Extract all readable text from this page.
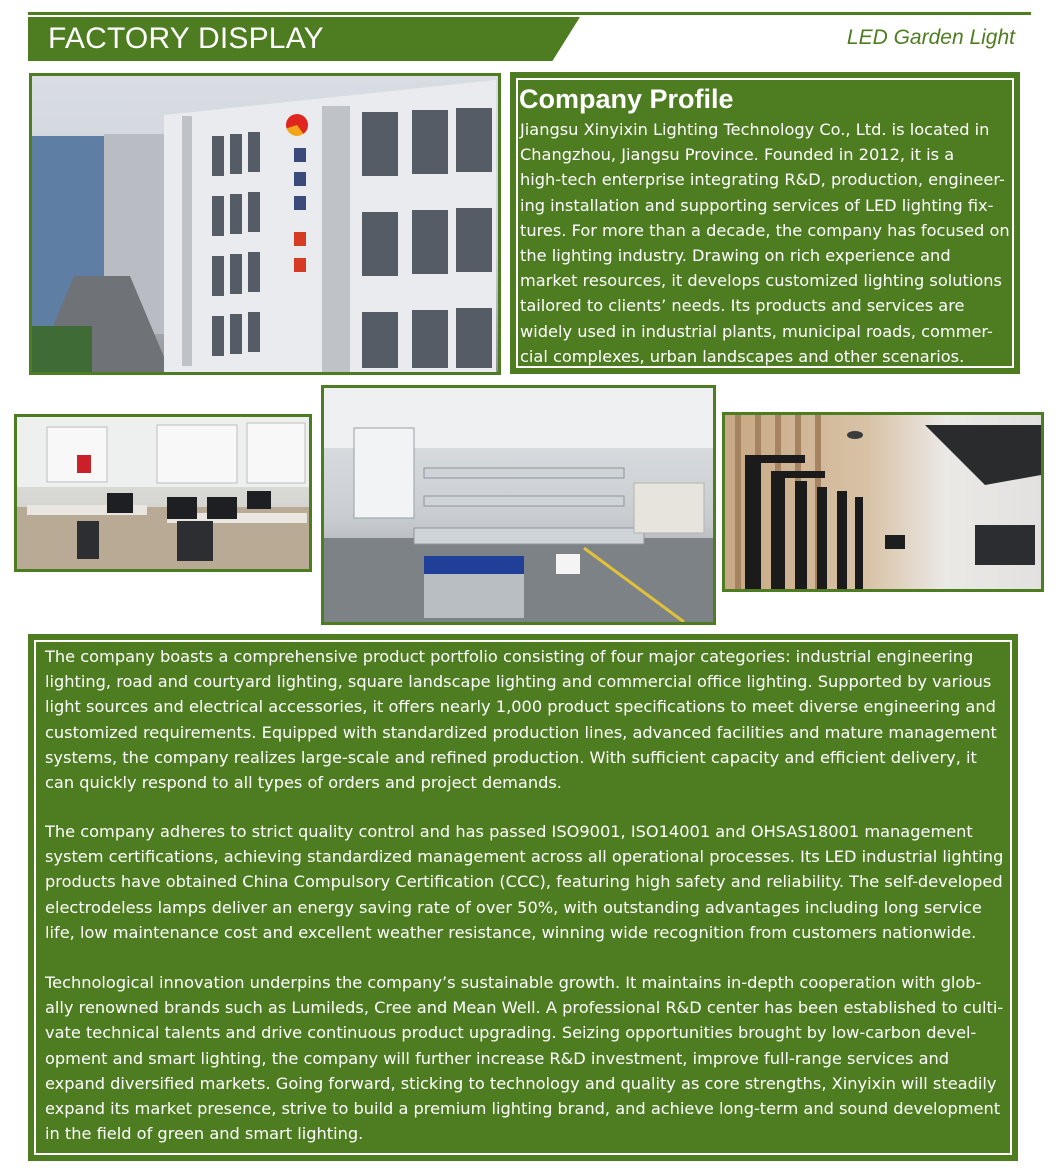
FACTORY DISPLAY	LED Garden Light
Company Profile
Jiangsu Xinyixin Lighting Technology Co., Ltd. is located in
Changzhou, Jiangsu Province. Founded in 2012, it is a
high-tech enterprise integrating R&D, production, engineer-
ing installation and supporting services of LED lighting fix-
tures. For more than a decade, the company has focused on
the lighting industry. Drawing on rich experience and
market resources, it develops customized lighting solutions
tailored to clients’ needs. Its products and services are
widely used in industrial plants, municipal roads, commer-
cial complexes, urban landscapes and other scenarios.
The company boasts a comprehensive product portfolio consisting of four major categories: industrial engineering
lighting, road and courtyard lighting, square landscape lighting and commercial office lighting. Supported by various
light sources and electrical accessories, it offers nearly 1,000 product specifications to meet diverse engineering and
customized requirements. Equipped with standardized production lines, advanced facilities and mature management
systems, the company realizes large-scale and refined production. With sufficient capacity and efficient delivery, it
can quickly respond to all types of orders and project demands.
The company adheres to strict quality control and has passed ISO9001, ISO14001 and OHSAS18001 management
system certifications, achieving standardized management across all operational processes. Its LED industrial lighting
products have obtained China Compulsory Certification (CCC), featuring high safety and reliability. The self-developed
electrodeless lamps deliver an energy saving rate of over 50%, with outstanding advantages including long service
life, low maintenance cost and excellent weather resistance, winning wide recognition from customers nationwide.
Technological innovation underpins the company’s sustainable growth. It maintains in-depth cooperation with glob-
ally renowned brands such as Lumileds, Cree and Mean Well. A professional R&D center has been established to culti-
vate technical talents and drive continuous product upgrading. Seizing opportunities brought by low-carbon devel-
opment and smart lighting, the company will further increase R&D investment, improve full-range services and
expand diversified markets. Going forward, sticking to technology and quality as core strengths, Xinyixin will steadily
expand its market presence, strive to build a premium lighting brand, and achieve long-term and sound development
in the field of green and smart lighting.
